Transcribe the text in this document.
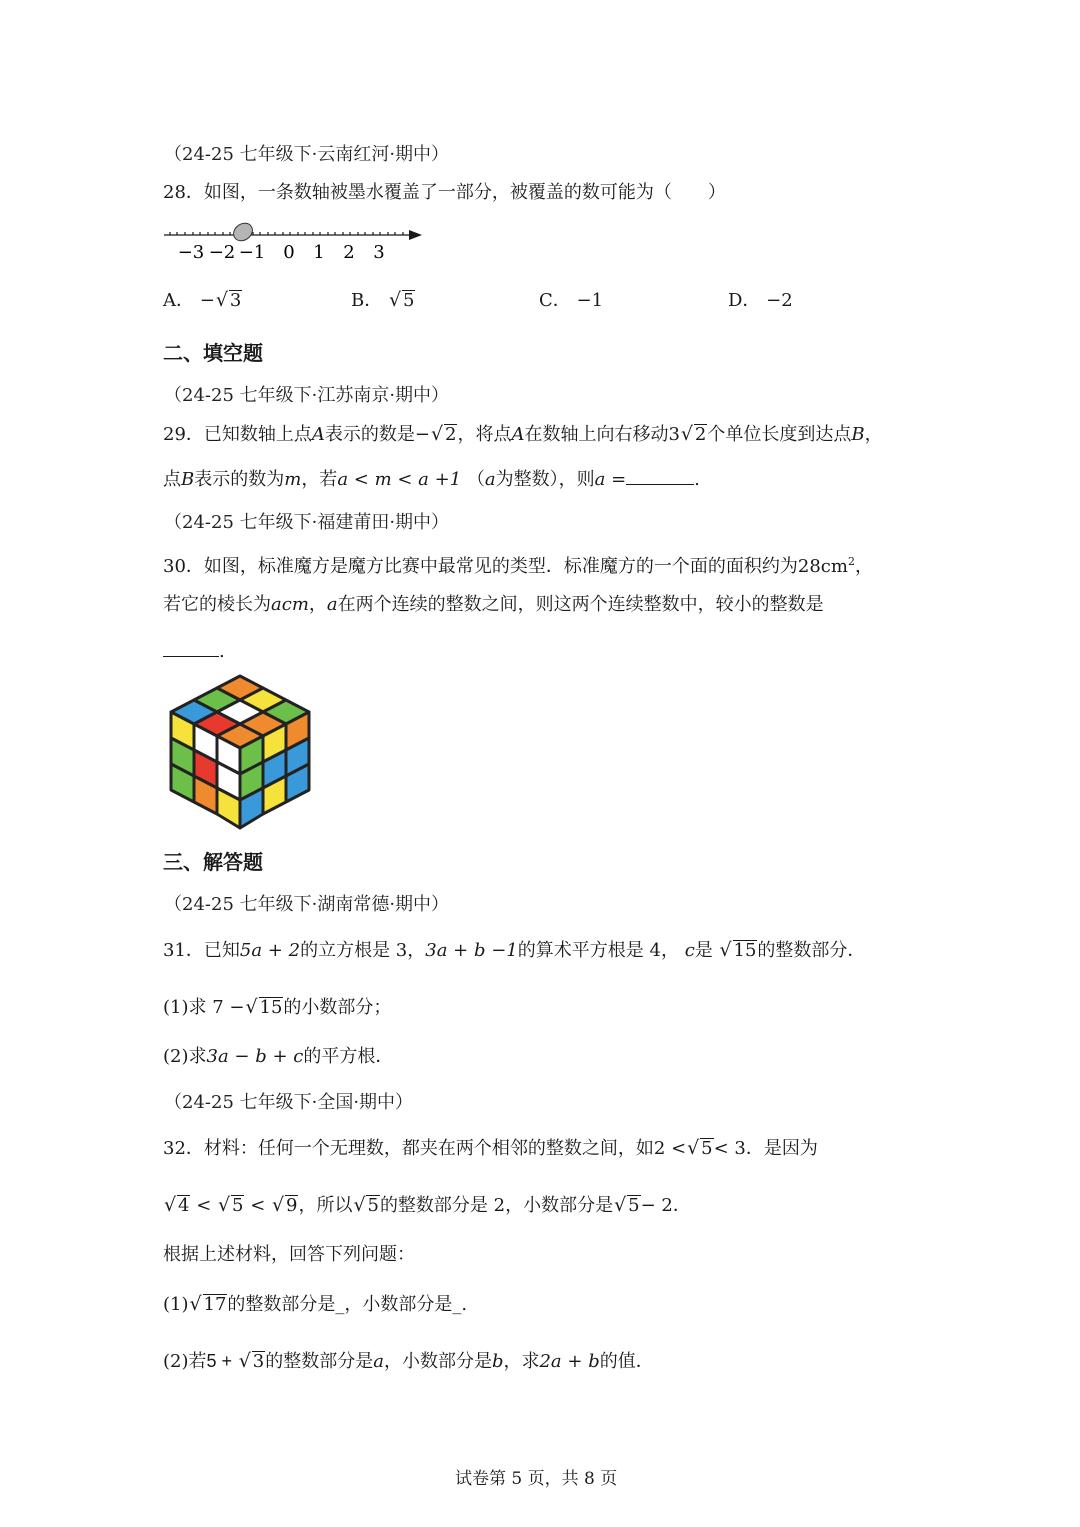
（24-25 七年级下·云南红河·期中）
28．如图，一条数轴被墨水覆盖了一部分，被覆盖的数可能为（　　）
−3 −2 −1 0 1 2 3
A． − √ 3	B． √ 5	C． −1	D． −2
二、填空题
（24-25 七年级下·江苏南京·期中）
29．已知数轴上点A表示的数是− √ 2，将点A在数轴上向右移动3 √ 2个单位长度到达点B，
点B表示的数为m，若a < m < a +1 （a为整数），则a =	.
（24-25 七年级下·福建莆田·期中）
30．如图，标准魔方是魔方比赛中最常见的类型．标准魔方的一个面的面积约为$28cm^2$，
若它的棱长为acm，a在两个连续的整数之间，则这两个连续整数中，较小的整数是
.
三、解答题
（24-25 七年级下·湖南常德·期中）
31．已知5a + 2的立方根是 3，3a + b −1的算术平方根是 4， c是 √ 15的整数部分．
(1)求 7 − √ 15的小数部分；
(2)求3a − b + c的平方根．
（24-25 七年级下·全国·期中）
32．材料：任何一个无理数，都夹在两个相邻的整数之间，如2 < √ 5< 3．是因为
√ 4 < √ 5 < √ 9，所以 √ 5的整数部分是 2，小数部分是 √ 5− 2．
根据上述材料，回答下列问题：
(1) √ 17的整数部分是_，小数部分是_.
(2)若5 + √ 3的整数部分是a，小数部分是b，求2a + b的值．
试卷第 5 页，共 8 页
